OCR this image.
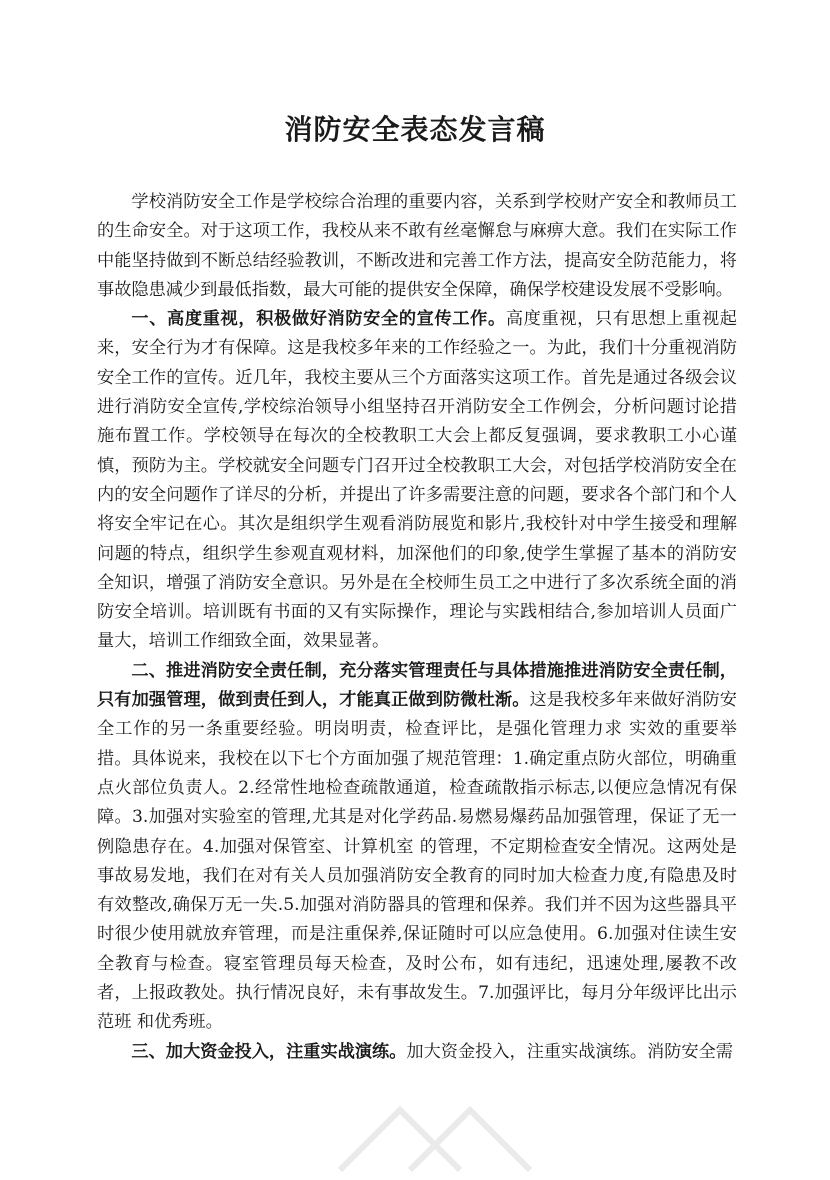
消防安全表态发言稿

学校消防安全工作是学校综合治理的重要内容，关系到学校财产安全和教师员工的生命安全。对于这项工作，我校从来不敢有丝毫懈怠与麻痹大意。我们在实际工作中能坚持做到不断总结经验教训，不断改进和完善工作方法，提高安全防范能力，将事故隐患减少到最低指数，最大可能的提供安全保障，确保学校建设发展不受影响。

一、高度重视，积极做好消防安全的宣传工作。高度重视，只有思想上重视起来，安全行为才有保障。这是我校多年来的工作经验之一。为此，我们十分重视消防安全工作的宣传。近几年，我校主要从三个方面落实这项工作。首先是通过各级会议进行消防安全宣传,学校综治领导小组坚持召开消防安全工作例会，分析问题讨论措施布置工作。学校领导在每次的全校教职工大会上都反复强调，要求教职工小心谨慎，预防为主。学校就安全问题专门召开过全校教职工大会，对包括学校消防安全在内的安全问题作了详尽的分析，并提出了许多需要注意的问题，要求各个部门和个人将安全牢记在心。其次是组织学生观看消防展览和影片,我校针对中学生接受和理解问题的特点，组织学生参观直观材料，加深他们的印象,使学生掌握了基本的消防安全知识，增强了消防安全意识。另外是在全校师生员工之中进行了多次系统全面的消防安全培训。培训既有书面的又有实际操作，理论与实践相结合,参加培训人员面广量大，培训工作细致全面，效果显著。

二、推进消防安全责任制，充分落实管理责任与具体措施推进消防安全责任制，只有加强管理，做到责任到人，才能真正做到防微杜渐。这是我校多年来做好消防安全工作的另一条重要经验。明岗明责，检查评比，是强化管理力求 实效的重要举措。具体说来，我校在以下七个方面加强了规范管理：1.确定重点防火部位，明确重点火部位负责人。2.经常性地检查疏散通道，检查疏散指示标志,以便应急情况有保障。3.加强对实验室的管理,尤其是对化学药品.易燃易爆药品加强管理，保证了无一例隐患存在。4.加强对保管室、计算机室 的管理，不定期检查安全情况。这两处是事故易发地，我们在对有关人员加强消防安全教育的同时加大检查力度,有隐患及时有效整改,确保万无一失.5.加强对消防器具的管理和保养。我们并不因为这些器具平时很少使用就放弃管理，而是注重保养,保证随时可以应急使用。6.加强对住读生安全教育与检查。寝室管理员每天检查，及时公布，如有违纪，迅速处理,屡教不改者，上报政教处。执行情况良好，未有事故发生。7.加强评比，每月分年级评比出示范班 和优秀班。

三、加大资金投入，注重实战演练。加大资金投入，注重实战演练。消防安全需
